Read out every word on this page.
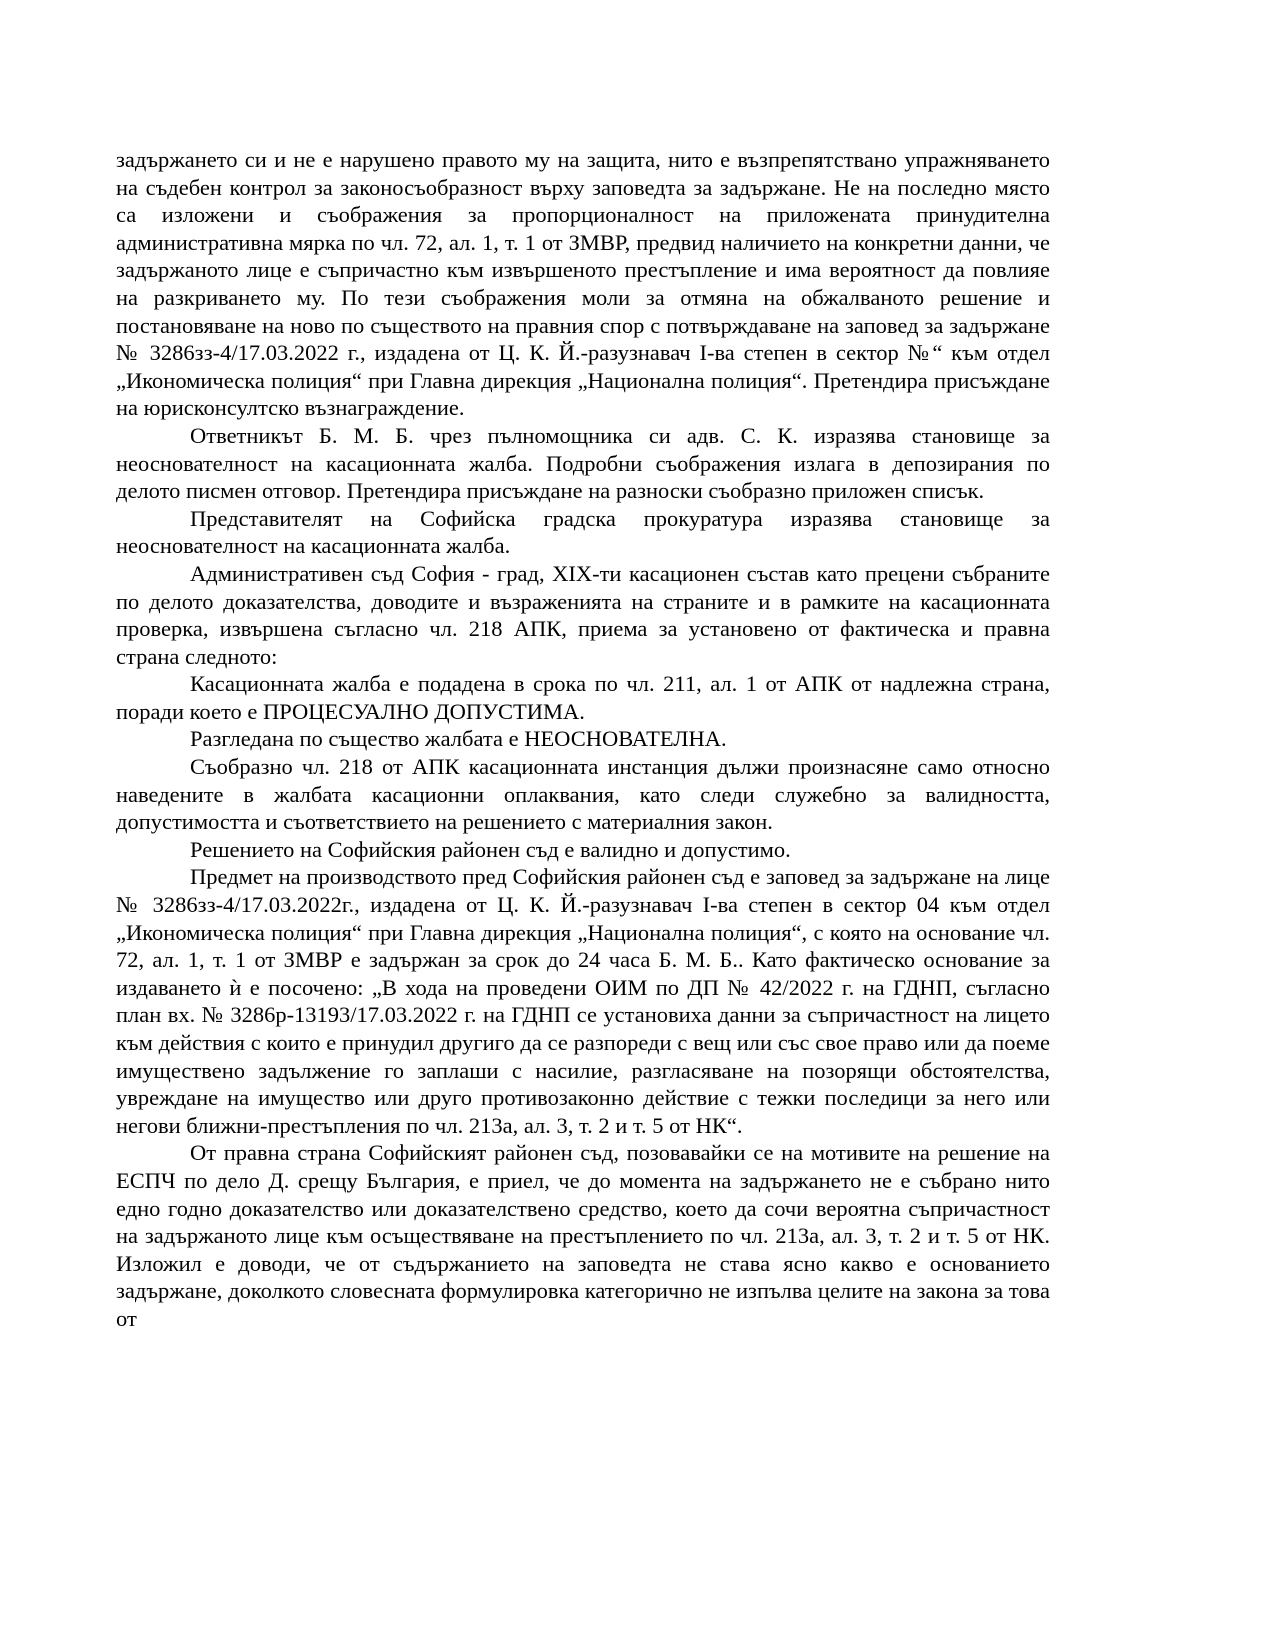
задържането си и не е нарушено правото му на защита, нито е възпрепятствано упражняването на съдебен контрол за законосъобразност върху заповедта за задържане. Не на последно място са изложени и съображения за пропорционалност на приложената принудителна административна мярка по чл. 72, ал. 1, т. 1 от ЗМВР, предвид наличието на конкретни данни, че задържаното лице е съпричастно към извършеното престъпление и има вероятност да повлияе на разкриването му. По тези съображения моли за отмяна на обжалваното решение и постановяване на ново по съществото на правния спор с потвърждаване на заповед за задържане № 3286зз-4/17.03.2022 г., издадена от Ц. К. Й.-разузнавач І-ва степен в сектор №“ към отдел „Икономическа полиция“ при Главна дирекция „Национална полиция“. Претендира присъждане на юрисконсултско възнаграждение.

Ответникът Б. М. Б. чрез пълномощника си адв. С. К. изразява становище за неоснователност на касационната жалба. Подробни съображения излага в депозирания по делото писмен отговор. Претендира присъждане на разноски съобразно приложен списък.

Представителят на Софийска градска прокуратура изразява становище за неоснователност на касационната жалба.

Административен съд София - град, ХІХ-ти касационен състав като прецени събраните по делото доказателства, доводите и възраженията на страните и в рамките на касационната проверка, извършена съгласно чл. 218 АПК, приема за установено от фактическа и правна страна следното:

Касационната жалба е подадена в срока по чл. 211, ал. 1 от АПК от надлежна страна, поради което е ПРОЦЕСУАЛНО ДОПУСТИМА.

Разгледана по същество жалбата е НЕОСНОВАТЕЛНА.

Съобразно чл. 218 от АПК касационната инстанция дължи произнасяне само относно наведените в жалбата касационни оплаквания, като следи служебно за валидността, допустимостта и съответствието на решението с материалния закон.

Решението на Софийския районен съд е валидно и допустимо.

Предмет на производството пред Софийския районен съд е заповед за задържане на лице № 3286зз-4/17.03.2022г., издадена от Ц. К. Й.-разузнавач І-ва степен в сектор 04 към отдел „Икономическа полиция“ при Главна дирекция „Национална полиция“, с която на основание чл. 72, ал. 1, т. 1 от ЗМВР е задържан за срок до 24 часа Б. М. Б.. Като фактическо основание за издаването ѝ е посочено: „В хода на проведени ОИМ по ДП № 42/2022 г. на ГДНП, съгласно план вх. № 3286р-13193/17.03.2022 г. на ГДНП се установиха данни за съпричастност на лицето към действия с които е принудил другиго да се разпореди с вещ или със свое право или да поеме имуществено задължение го заплаши с насилие, разгласяване на позорящи обстоятелства, увреждане на имущество или друго противозаконно действие с тежки последици за него или негови ближни-престъпления по чл. 213а, ал. 3, т. 2 и т. 5 от НК“.

От правна страна Софийският районен съд, позовавайки се на мотивите на решение на ЕСПЧ по дело Д. срещу България, е приел, че до момента на задържането не е събрано нито едно годно доказателство или доказателствено средство, което да сочи вероятна съпричастност на задържаното лице към осъществяване на престъплението по чл. 213а, ал. 3, т. 2 и т. 5 от НК. Изложил е доводи, че от съдържанието на заповедта не става ясно какво е основанието задържане, доколкото словесната формулировка категорично не изпълва целите на закона за това от
